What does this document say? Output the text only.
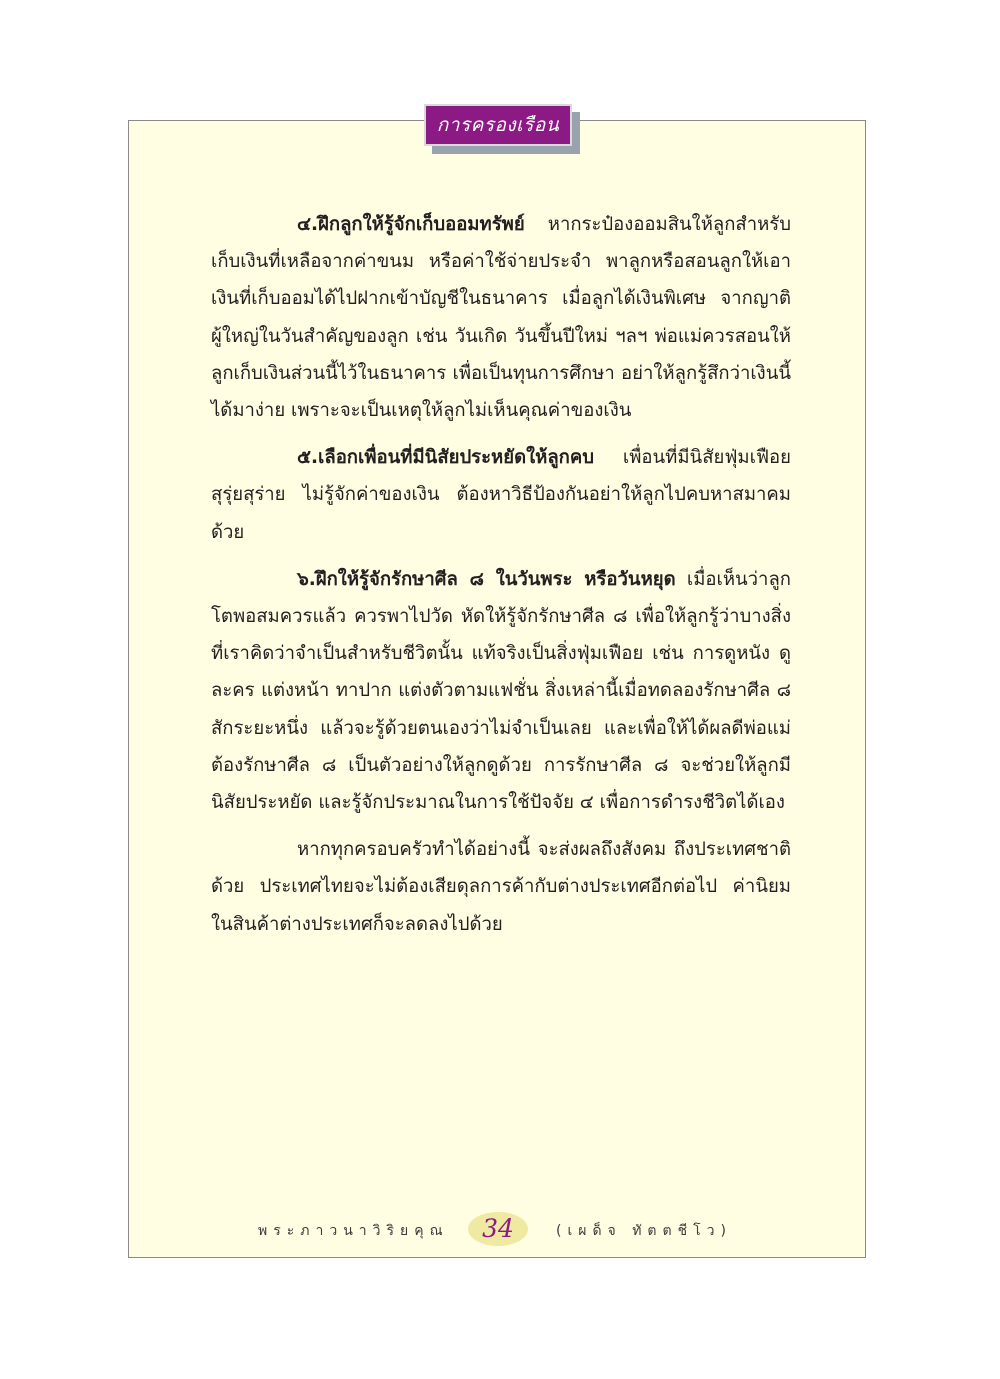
การครองเรือน

๔.ฝึกลูกให้รู้จักเก็บออมทรัพย์ หากระป๋องออมสินให้ลูกสำหรับเก็บเงินที่เหลือจากค่าขนม หรือค่าใช้จ่ายประจำ พาลูกหรือสอนลูกให้เอาเงินที่เก็บออมได้ไปฝากเข้าบัญชีในธนาคาร เมื่อลูกได้เงินพิเศษ จากญาติผู้ใหญ่ในวันสำคัญของลูก เช่น วันเกิด วันขึ้นปีใหม่ ฯลฯ พ่อแม่ควรสอนให้ลูกเก็บเงินส่วนนี้ไว้ในธนาคาร เพื่อเป็นทุนการศึกษา อย่าให้ลูกรู้สึกว่าเงินนี้ได้มาง่าย เพราะจะเป็นเหตุให้ลูกไม่เห็นคุณค่าของเงิน

๕.เลือกเพื่อนที่มีนิสัยประหยัดให้ลูกคบ เพื่อนที่มีนิสัยฟุ่มเฟือย สุรุ่ยสุร่าย ไม่รู้จักค่าของเงิน ต้องหาวิธีป้องกันอย่าให้ลูกไปคบหาสมาคมด้วย

๖.ฝึกให้รู้จักรักษาศีล ๘ ในวันพระ หรือวันหยุด เมื่อเห็นว่าลูกโตพอสมควรแล้ว ควรพาไปวัด หัดให้รู้จักรักษาศีล ๘ เพื่อให้ลูกรู้ว่าบางสิ่งที่เราคิดว่าจำเป็นสำหรับชีวิตนั้น แท้จริงเป็นสิ่งฟุ่มเฟือย เช่น การดูหนัง ดูละคร แต่งหน้า ทาปาก แต่งตัวตามแฟชั่น สิ่งเหล่านี้เมื่อทดลองรักษาศีล ๘ สักระยะหนึ่ง แล้วจะรู้ด้วยตนเองว่าไม่จำเป็นเลย และเพื่อให้ได้ผลดีพ่อแม่ต้องรักษาศีล ๘ เป็นตัวอย่างให้ลูกดูด้วย การรักษาศีล ๘ จะช่วยให้ลูกมีนิสัยประหยัด และรู้จักประมาณในการใช้ปัจจัย ๔ เพื่อการดำรงชีวิตได้เอง

หากทุกครอบครัวทำได้อย่างนี้ จะส่งผลถึงสังคม ถึงประเทศชาติด้วย ประเทศไทยจะไม่ต้องเสียดุลการค้ากับต่างประเทศอีกต่อไป ค่านิยมในสินค้าต่างประเทศก็จะลดลงไปด้วย

พระภาวนาวิริยคุณ	34	(เผด็จ ทัตตชีโว)
